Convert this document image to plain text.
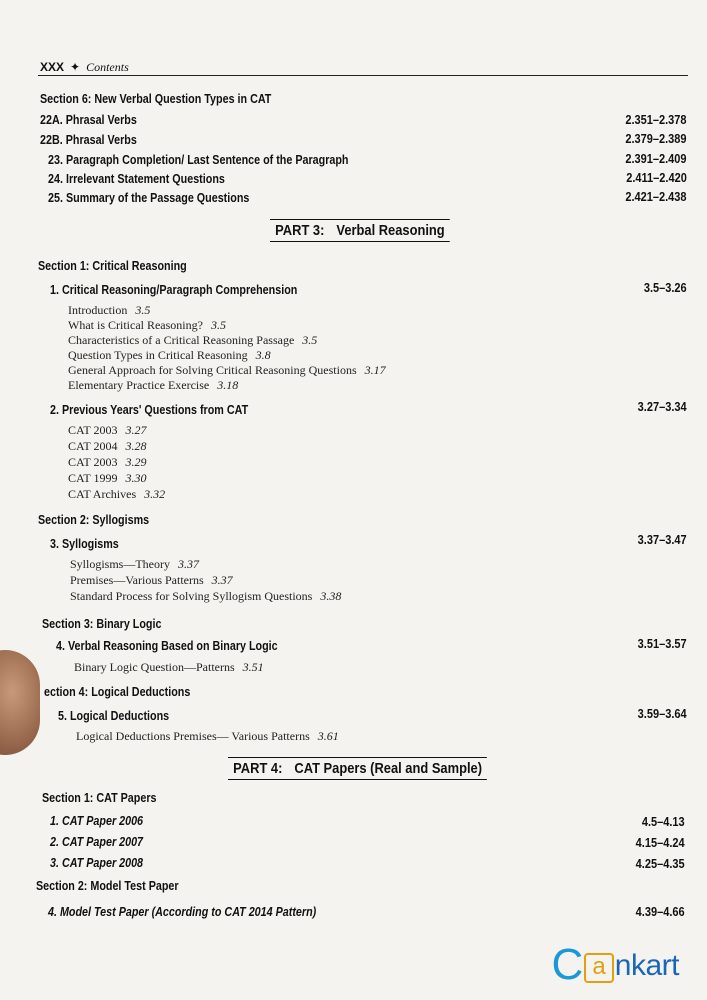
XXX ✦ Contents
Section 6: New Verbal Question Types in CAT
22A. Phrasal Verbs	2.351–2.378
22B. Phrasal Verbs	2.379–2.389
23. Paragraph Completion/ Last Sentence of the Paragraph	2.391–2.409
24. Irrelevant Statement Questions	2.411–2.420
25. Summary of the Passage Questions	2.421–2.438
PART 3: Verbal Reasoning
Section 1: Critical Reasoning
1. Critical Reasoning/Paragraph Comprehension	3.5–3.26
Introduction 3.5
What is Critical Reasoning? 3.5
Characteristics of a Critical Reasoning Passage 3.5
Question Types in Critical Reasoning 3.8
General Approach for Solving Critical Reasoning Questions 3.17
Elementary Practice Exercise 3.18
2. Previous Years' Questions from CAT	3.27–3.34
CAT 2003 3.27
CAT 2004 3.28
CAT 2003 3.29
CAT 1999 3.30
CAT Archives 3.32
Section 2: Syllogisms
3. Syllogisms	3.37–3.47
Syllogisms—Theory 3.37
Premises—Various Patterns 3.37
Standard Process for Solving Syllogism Questions 3.38
Section 3: Binary Logic
4. Verbal Reasoning Based on Binary Logic	3.51–3.57
Binary Logic Question—Patterns 3.51
ection 4: Logical Deductions
5. Logical Deductions	3.59–3.64
Logical Deductions Premises— Various Patterns 3.61
PART 4: CAT Papers (Real and Sample)
Section 1: CAT Papers
1. CAT Paper 2006	4.5–4.13
2. CAT Paper 2007	4.15–4.24
3. CAT Paper 2008	4.25–4.35
Section 2: Model Test Paper
4. Model Test Paper (According to CAT 2014 Pattern)	4.39–4.66
C a nkart
